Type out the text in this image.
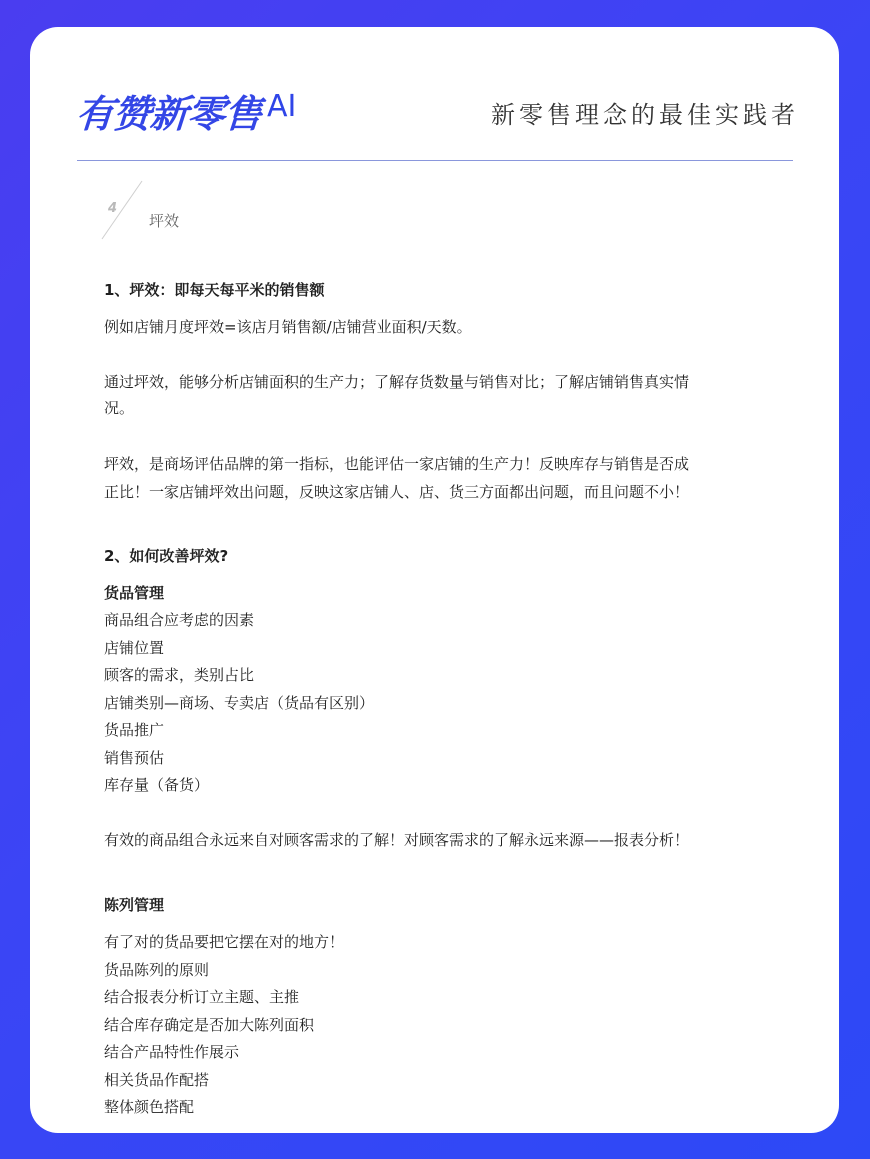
有赞新零售 AI	新零售理念的最佳实践者
4
坪效
1、坪效：即每天每平米的销售额
例如店铺月度坪效=该店月销售额/店铺营业面积/天数。
通过坪效，能够分析店铺面积的生产力；了解存货数量与销售对比；了解店铺销售真实情
况。
坪效，是商场评估品牌的第一指标，也能评估一家店铺的生产力！反映库存与销售是否成
正比！一家店铺坪效出问题，反映这家店铺人、店、货三方面都出问题，而且问题不小！
2、如何改善坪效?
货品管理
商品组合应考虑的因素
店铺位置
顾客的需求，类别占比
店铺类别—商场、专卖店（货品有区别）
货品推广
销售预估
库存量（备货）
有效的商品组合永远来自对顾客需求的了解！对顾客需求的了解永远来源——报表分析！
陈列管理
有了对的货品要把它摆在对的地方！
货品陈列的原则
结合报表分析订立主题、主推
结合库存确定是否加大陈列面积
结合产品特性作展示
相关货品作配搭
整体颜色搭配
